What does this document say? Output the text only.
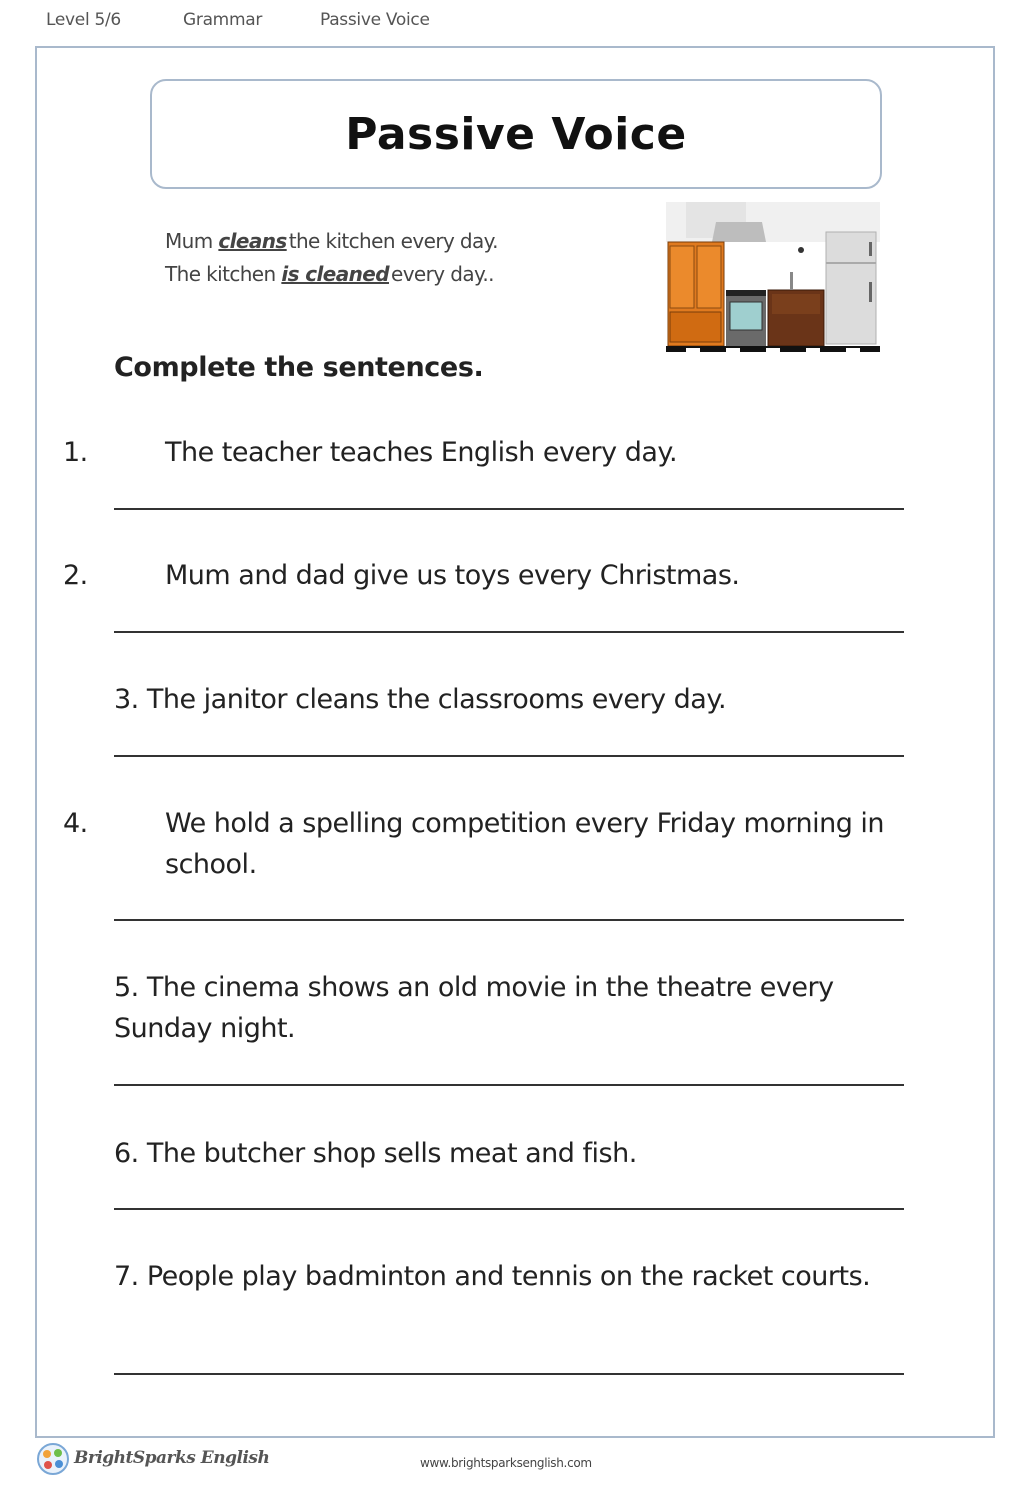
Level 5/6	Grammar	Passive Voice
Passive Voice
Mum cleans the kitchen every day.
The kitchen is cleaned every day..
Complete the sentences.
1.	The teacher teaches English every day.
2.	Mum and dad give us toys every Christmas.
3. The janitor cleans the classrooms every day.
4.	We hold a spelling competition every Friday morning in school.
5. The cinema shows an old movie in the theatre every Sunday night.
6. The butcher shop sells meat and fish.
7. People play badminton and tennis on the racket courts.
BrightSparks English	www.brightsparksenglish.com
